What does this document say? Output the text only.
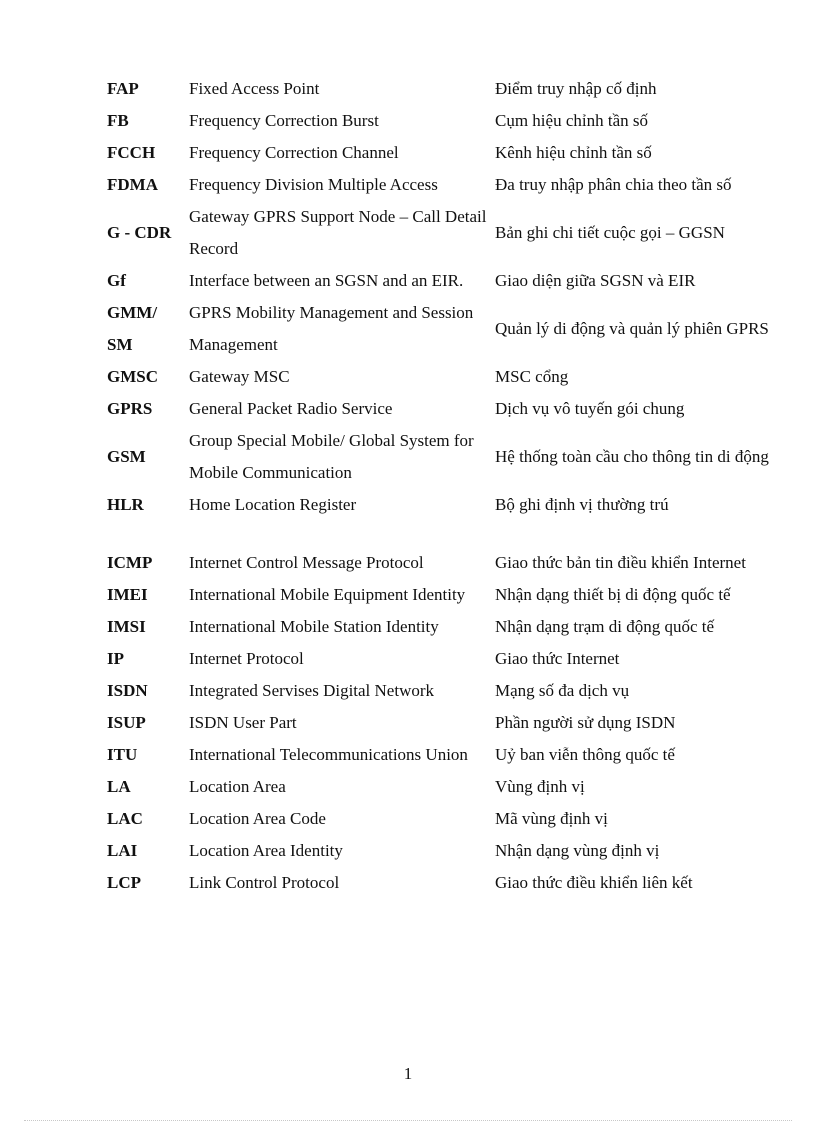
FAP	Fixed Access Point	Điểm truy nhập cố định
FB	Frequency Correction Burst	Cụm hiệu chỉnh tần số
FCCH	Frequency Correction Channel	Kênh hiệu chỉnh tần số
FDMA	Frequency Division Multiple Access	Đa truy nhập phân chia theo tần số
G - CDR	Gateway GPRS Support Node – Call Detail Record	Bản ghi chi tiết cuộc gọi – GGSN
Gf	Interface between an SGSN and an EIR.	Giao diện giữa SGSN và EIR
GMM/ SM	GPRS Mobility Management and Session Management	Quản lý di động và quản lý phiên GPRS
GMSC	Gateway MSC	MSC cổng
GPRS	General Packet Radio Service	Dịch vụ vô tuyến gói chung
GSM	Group Special Mobile/ Global System for Mobile Communication	Hệ thống toàn cầu cho thông tin di động
HLR	Home Location Register	Bộ ghi định vị thường trú
ICMP	Internet Control Message Protocol	Giao thức bản tin điều khiển Internet
IMEI	International Mobile Equipment Identity	Nhận dạng thiết bị di động quốc tế
IMSI	International Mobile Station Identity	Nhận dạng trạm di động quốc tế
IP	Internet Protocol	Giao thức Internet
ISDN	Integrated Servises Digital Network	Mạng số đa dịch vụ
ISUP	ISDN User Part	Phần người sử dụng ISDN
ITU	International Telecommunications Union	Uỷ ban viễn thông quốc tế
LA	Location Area	Vùng định vị
LAC	Location Area Code	Mã vùng định vị
LAI	Location Area Identity	Nhận dạng vùng định vị
LCP	Link Control Protocol	Giao thức điều khiển liên kết
1
